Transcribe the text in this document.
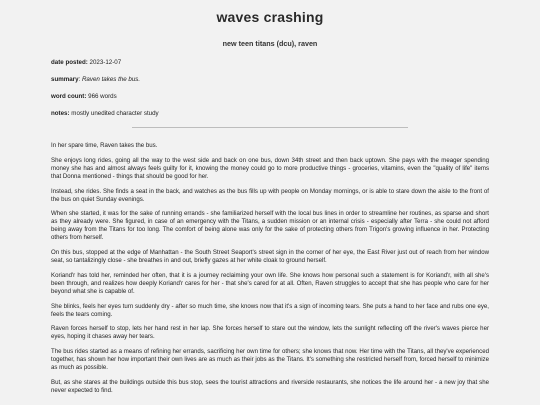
waves crashing
new teen titans (dcu), raven
date posted: 2023-12-07
summary: Raven takes the bus.
word count: 966 words
notes: mostly unedited character study

In her spare time, Raven takes the bus.

She enjoys long rides, going all the way to the west side and back on one bus, down 34th street and then back uptown. She pays with the meager spending money she has and almost always feels guilty for it, knowing the money could go to more productive things - groceries, vitamins, even the "quality of life" items that Donna mentioned - things that should be good for her.

Instead, she rides. She finds a seat in the back, and watches as the bus fills up with people on Monday mornings, or is able to stare down the aisle to the front of the bus on quiet Sunday evenings.

When she started, it was for the sake of running errands - she familiarized herself with the local bus lines in order to streamline her routines, as sparse and short as they already were. She figured, in case of an emergency with the Titans, a sudden mission or an internal crisis - especially after Terra - she could not afford being away from the Titans for too long. The comfort of being alone was only for the sake of protecting others from Trigon's growing influence in her. Protecting others from herself.

On this bus, stopped at the edge of Manhattan - the South Street Seaport's street sign in the corner of her eye, the East River just out of reach from her window seat, so tantalizingly close - she breathes in and out, briefly gazes at her white cloak to ground herself.

Koriand'r has told her, reminded her often, that it is a journey reclaiming your own life. She knows how personal such a statement is for Koriand'r, with all she's been through, and realizes how deeply Koriand'r cares for her - that she's cared for at all. Often, Raven struggles to accept that she has people who care for her beyond what she is capable of.

She blinks, feels her eyes turn suddenly dry - after so much time, she knows now that it's a sign of incoming tears. She puts a hand to her face and rubs one eye, feels the tears coming.

Raven forces herself to stop, lets her hand rest in her lap. She forces herself to stare out the window, lets the sunlight reflecting off the river's waves pierce her eyes, hoping it chases away her tears.

The bus rides started as a means of refining her errands, sacrificing her own time for others; she knows that now. Her time with the Titans, all they've experienced together, has shown her how important their own lives are as much as their jobs as the Titans. It's something she restricted herself from, forced herself to minimize as much as possible.

But, as she stares at the buildings outside this bus stop, sees the tourist attractions and riverside restaurants, she notices the life around her - a new joy that she never expected to find.
